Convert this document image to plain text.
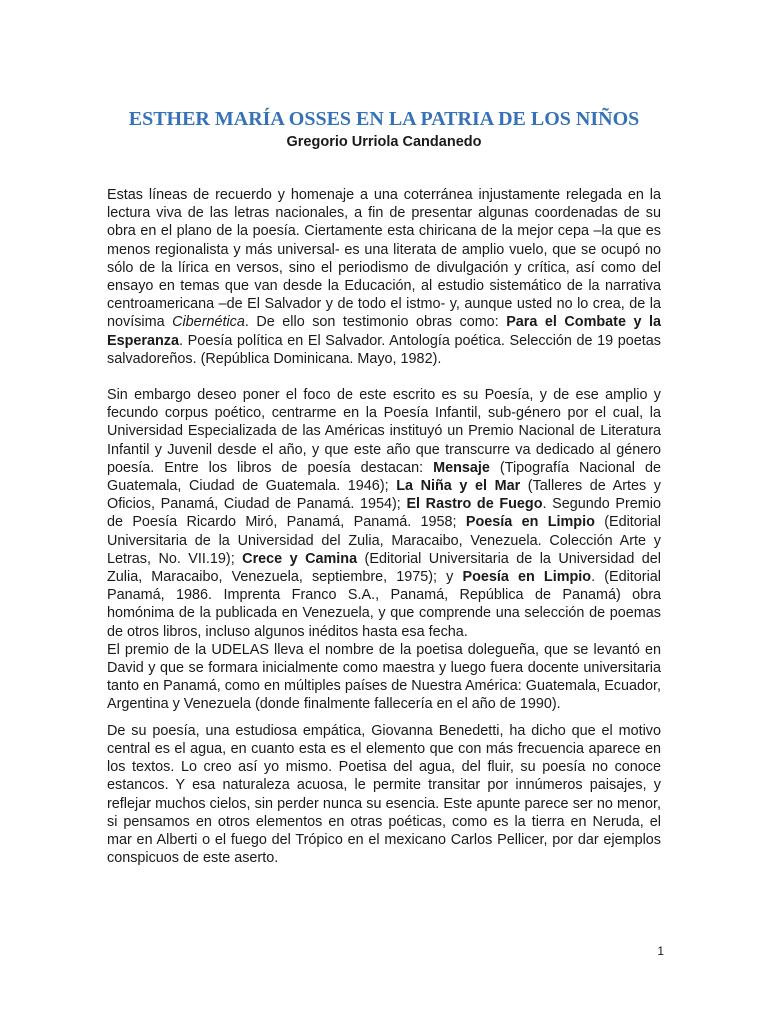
ESTHER MARÍA OSSES EN LA PATRIA DE LOS NIÑOS
Gregorio Urriola Candanedo

Estas líneas de recuerdo y homenaje a una coterránea injustamente relegada en la lectura viva de las letras nacionales, a fin de presentar algunas coordenadas de su obra en el plano de la poesía. Ciertamente esta chiricana de la mejor cepa –la que es menos regionalista y más universal- es una literata de amplio vuelo, que se ocupó no sólo de la lírica en versos, sino el periodismo de divulgación y crítica, así como del ensayo en temas que van desde la Educación, al estudio sistemático de la narrativa centroamericana –de El Salvador y de todo el istmo- y, aunque usted no lo crea, de la novísima Cibernética. De ello son testimonio obras como: Para el Combate y la Esperanza. Poesía política en El Salvador. Antología poética. Selección de 19 poetas salvadoreños. (República Dominicana. Mayo, 1982).

Sin embargo deseo poner el foco de este escrito es su Poesía, y de ese amplio y fecundo corpus poético, centrarme en la Poesía Infantil, sub-género por el cual, la Universidad Especializada de las Américas instituyó un Premio Nacional de Literatura Infantil y Juvenil desde el año, y que este año que transcurre va dedicado al género poesía. Entre los libros de poesía destacan: Mensaje (Tipografía Nacional de Guatemala, Ciudad de Guatemala. 1946); La Niña y el Mar (Talleres de Artes y Oficios, Panamá, Ciudad de Panamá. 1954); El Rastro de Fuego. Segundo Premio de Poesía Ricardo Miró, Panamá, Panamá. 1958; Poesía en Limpio (Editorial Universitaria de la Universidad del Zulia, Maracaibo, Venezuela. Colección Arte y Letras, No. VII.19); Crece y Camina (Editorial Universitaria de la Universidad del Zulia, Maracaibo, Venezuela, septiembre, 1975); y Poesía en Limpio. (Editorial Panamá, 1986. Imprenta Franco S.A., Panamá, República de Panamá) obra homónima de la publicada en Venezuela, y que comprende una selección de poemas de otros libros, incluso algunos inéditos hasta esa fecha.

El premio de la UDELAS lleva el nombre de la poetisa doleguеña, que se levantó en David y que se formara inicialmente como maestra y luego fuera docente universitaria tanto en Panamá, como en múltiples países de Nuestra América: Guatemala, Ecuador, Argentina y Venezuela (donde finalmente fallecería en el año de 1990).

De su poesía, una estudiosa empática, Giovanna Benedetti, ha dicho que el motivo central es el agua, en cuanto esta es el elemento que con más frecuencia aparece en los textos. Lo creo así yo mismo. Poetisa del agua, del fluir, su poesía no conoce estancos. Y esa naturaleza acuosa, le permite transitar por innúmeros paisajes, y reflejar muchos cielos, sin perder nunca su esencia. Este apunte parece ser no menor, si pensamos en otros elementos en otras poéticas, como es la tierra en Neruda, el mar en Alberti o el fuego del Trópico en el mexicano Carlos Pellicer, por dar ejemplos conspicuos de este aserto.

1
